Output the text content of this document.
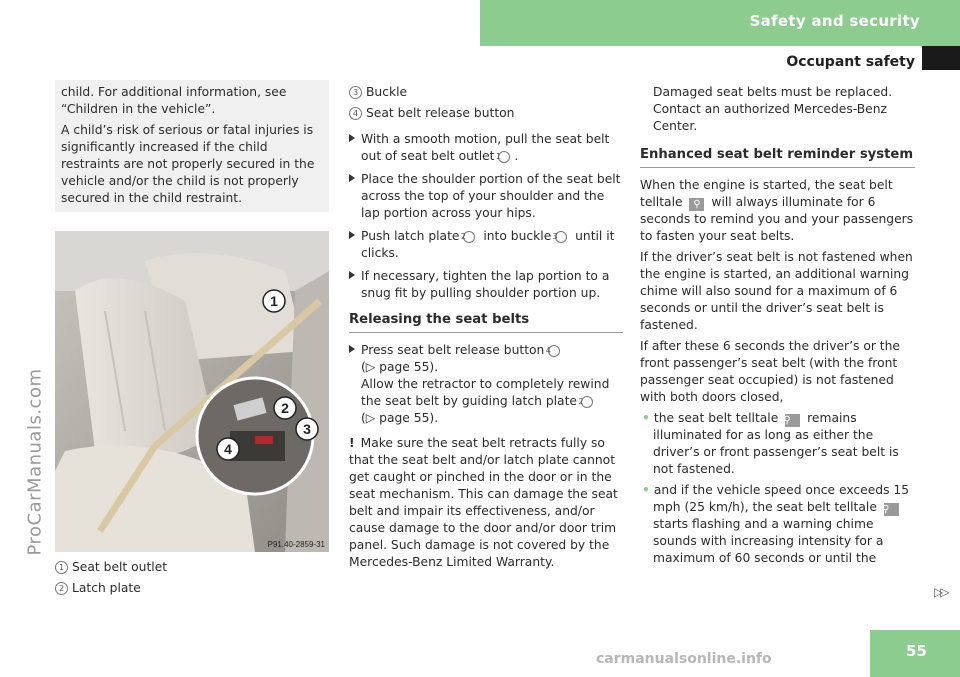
Safety and security
Occupant safety
ProCarManuals.com

child. For additional information, see “Children in the vehicle”.

A child’s risk of serious or fatal injuries is significantly increased if the child restraints are not properly secured in the vehicle and/or the child is not properly secured in the child restraint.

1
2
3
4
P91.40-2859-31
1 Seat belt outlet
2 Latch plate
3 Buckle
4 Seat belt release button

With a smooth motion, pull the seat belt out of seat belt outlet 1 .

Place the shoulder portion of the seat belt across the top of your shoulder and the lap portion across your hips.

Push latch plate 2 into buckle 3 until it clicks.

If necessary, tighten the lap portion to a snug fit by pulling shoulder portion up.

Releasing the seat belts

Press seat belt release button 4
(▷ page 55).
Allow the retractor to completely rewind the seat belt by guiding latch plate 2
(▷ page 55).

! Make sure the seat belt retracts fully so that the seat belt and/or latch plate cannot get caught or pinched in the door or in the seat mechanism. This can damage the seat belt and impair its effectiveness, and/or cause damage to the door and/or door trim panel. Such damage is not covered by the Mercedes-Benz Limited Warranty.

Damaged seat belts must be replaced. Contact an authorized Mercedes-Benz Center.

Enhanced seat belt reminder system

When the engine is started, the seat belt telltale ⚲ will always illuminate for 6 seconds to remind you and your passengers to fasten your seat belts.

If the driver’s seat belt is not fastened when the engine is started, an additional warning chime will also sound for a maximum of 6 seconds or until the driver’s seat belt is fastened.

If after these 6 seconds the driver’s or the front passenger’s seat belt (with the front passenger seat occupied) is not fastened with both doors closed,

• the seat belt telltale ⚲ remains illuminated for as long as either the driver’s or front passenger’s seat belt is not fastened.

• and if the vehicle speed once exceeds 15 mph (25 km/h), the seat belt telltale ⚲ starts flashing and a warning chime sounds with increasing intensity for a maximum of 60 seconds or until the

▷▷
55
carmanualsonline.info
